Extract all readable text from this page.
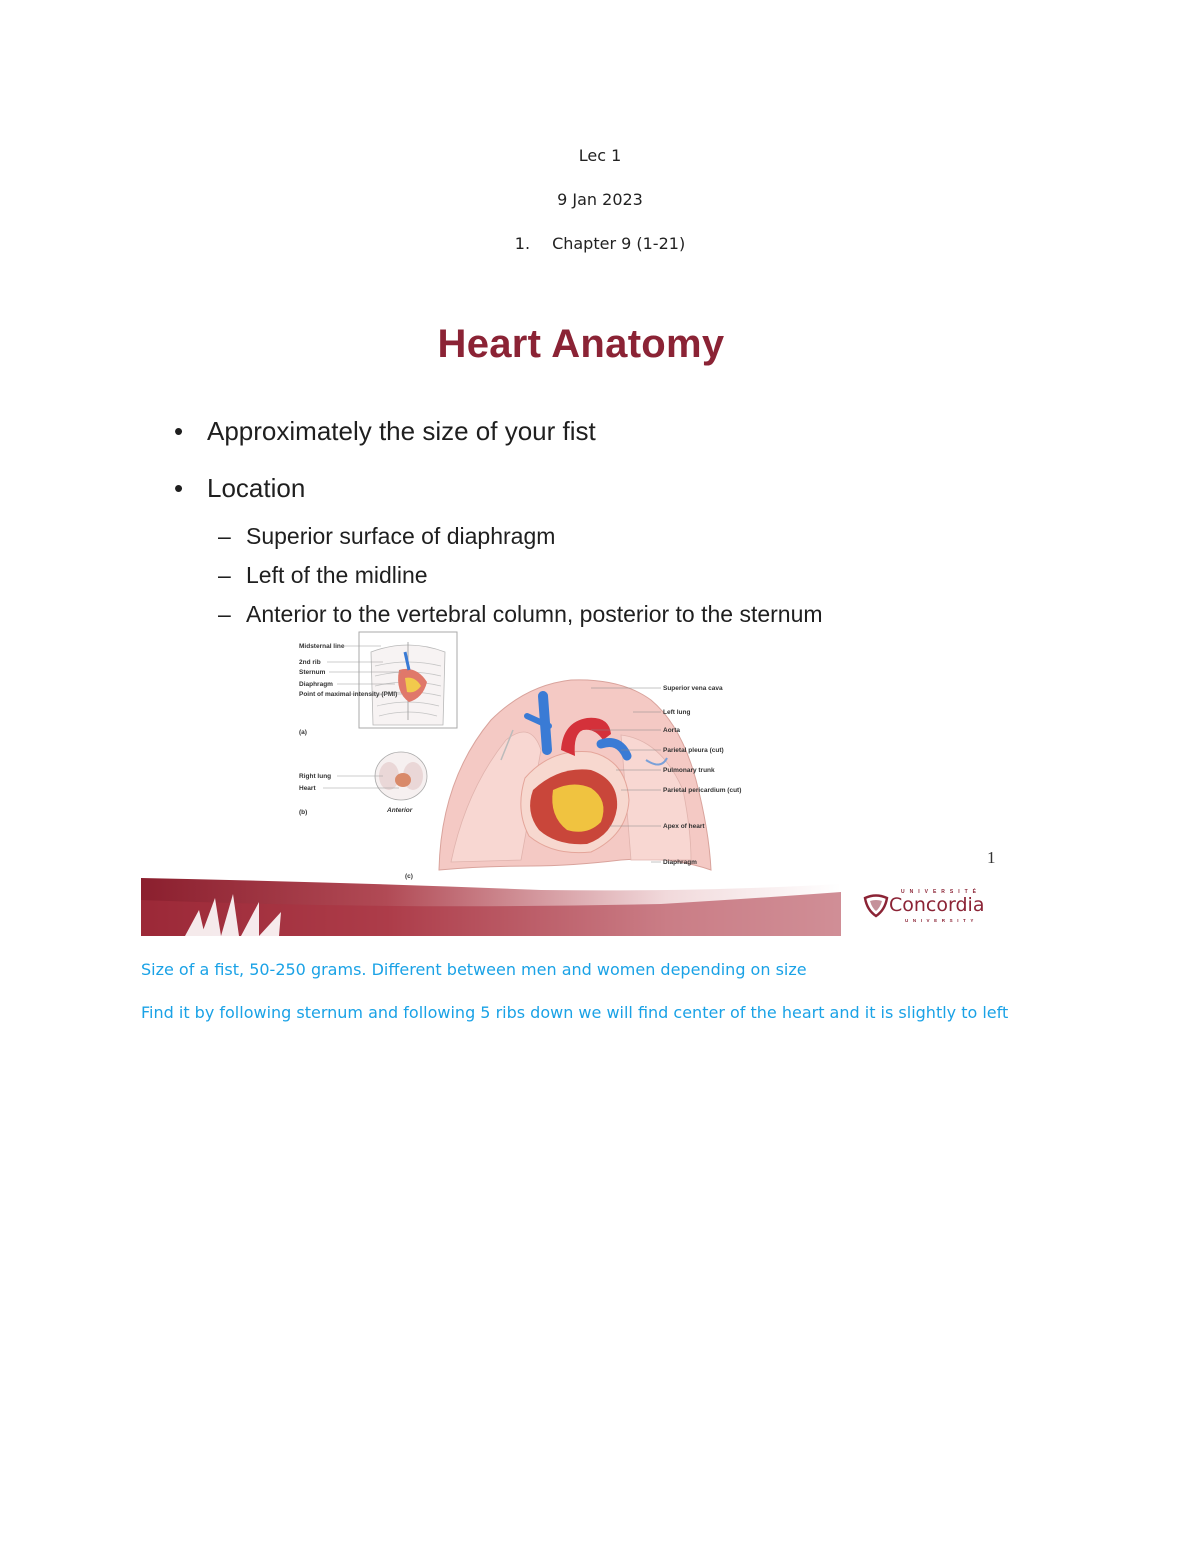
Lec 1
9 Jan 2023
1. Chapter 9 (1-21)
Heart Anatomy
• Approximately the size of your fist
• Location
– Superior surface of diaphragm
– Left of the midline
– Anterior to the vertebral column, posterior to the sternum
Midsternal line
2nd rib
Sternum
Diaphragm
Point of maximal intensity (PMI)
(a)
Right lung
Heart
(b)	Anterior
Superior vena cava
Left lung
Aorta
Parietal pleura (cut)
Pulmonary trunk
Parietal pericardium (cut)
Apex of heart
Diaphragm
(c)
1
UNIVERSITÉ
Concordia
UNIVERSITY
Size of a fist, 50-250 grams. Different between men and women depending on size
Find it by following sternum and following 5 ribs down we will find center of the heart and it is slightly to left
